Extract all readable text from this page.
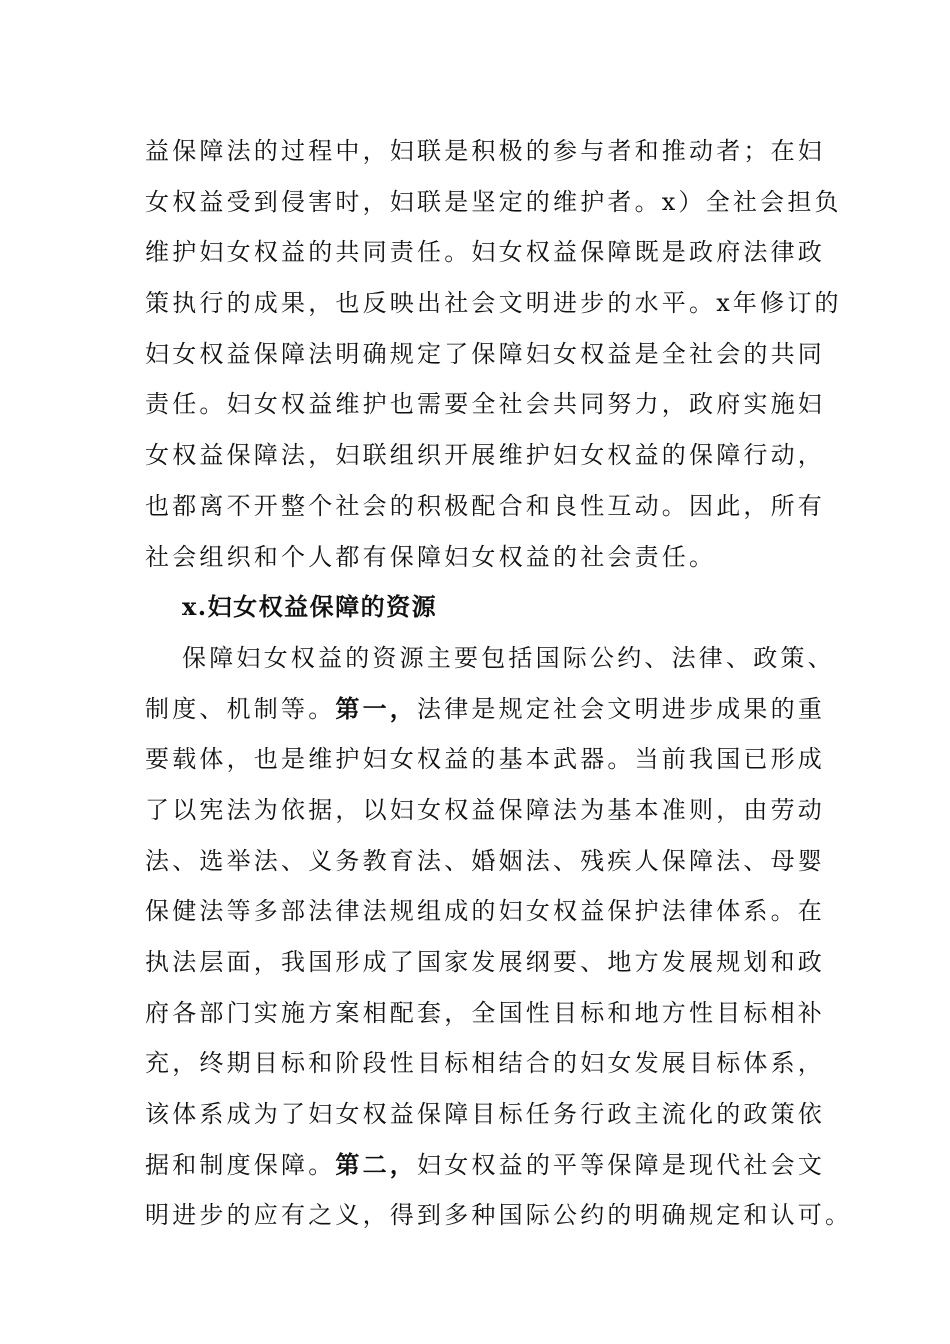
益保障法的过程中，妇联是积极的参与者和推动者；在妇
女权益受到侵害时，妇联是坚定的维护者。x）全社会担负
维护妇女权益的共同责任。妇女权益保障既是政府法律政
策执行的成果，也反映出社会文明进步的水平。x年修订的
妇女权益保障法明确规定了保障妇女权益是全社会的共同
责任。妇女权益维护也需要全社会共同努力，政府实施妇
女权益保障法，妇联组织开展维护妇女权益的保障行动，
也都离不开整个社会的积极配合和良性互动。因此，所有
社会组织和个人都有保障妇女权益的社会责任。
x.妇女权益保障的资源
保障妇女权益的资源主要包括国际公约、法律、政策、
制度、机制等。第一，法律是规定社会文明进步成果的重
要载体，也是维护妇女权益的基本武器。当前我国已形成
了以宪法为依据，以妇女权益保障法为基本准则，由劳动
法、选举法、义务教育法、婚姻法、残疾人保障法、母婴
保健法等多部法律法规组成的妇女权益保护法律体系。在
执法层面，我国形成了国家发展纲要、地方发展规划和政
府各部门实施方案相配套，全国性目标和地方性目标相补
充，终期目标和阶段性目标相结合的妇女发展目标体系，
该体系成为了妇女权益保障目标任务行政主流化的政策依
据和制度保障。第二，妇女权益的平等保障是现代社会文
明进步的应有之义，得到多种国际公约的明确规定和认可。
